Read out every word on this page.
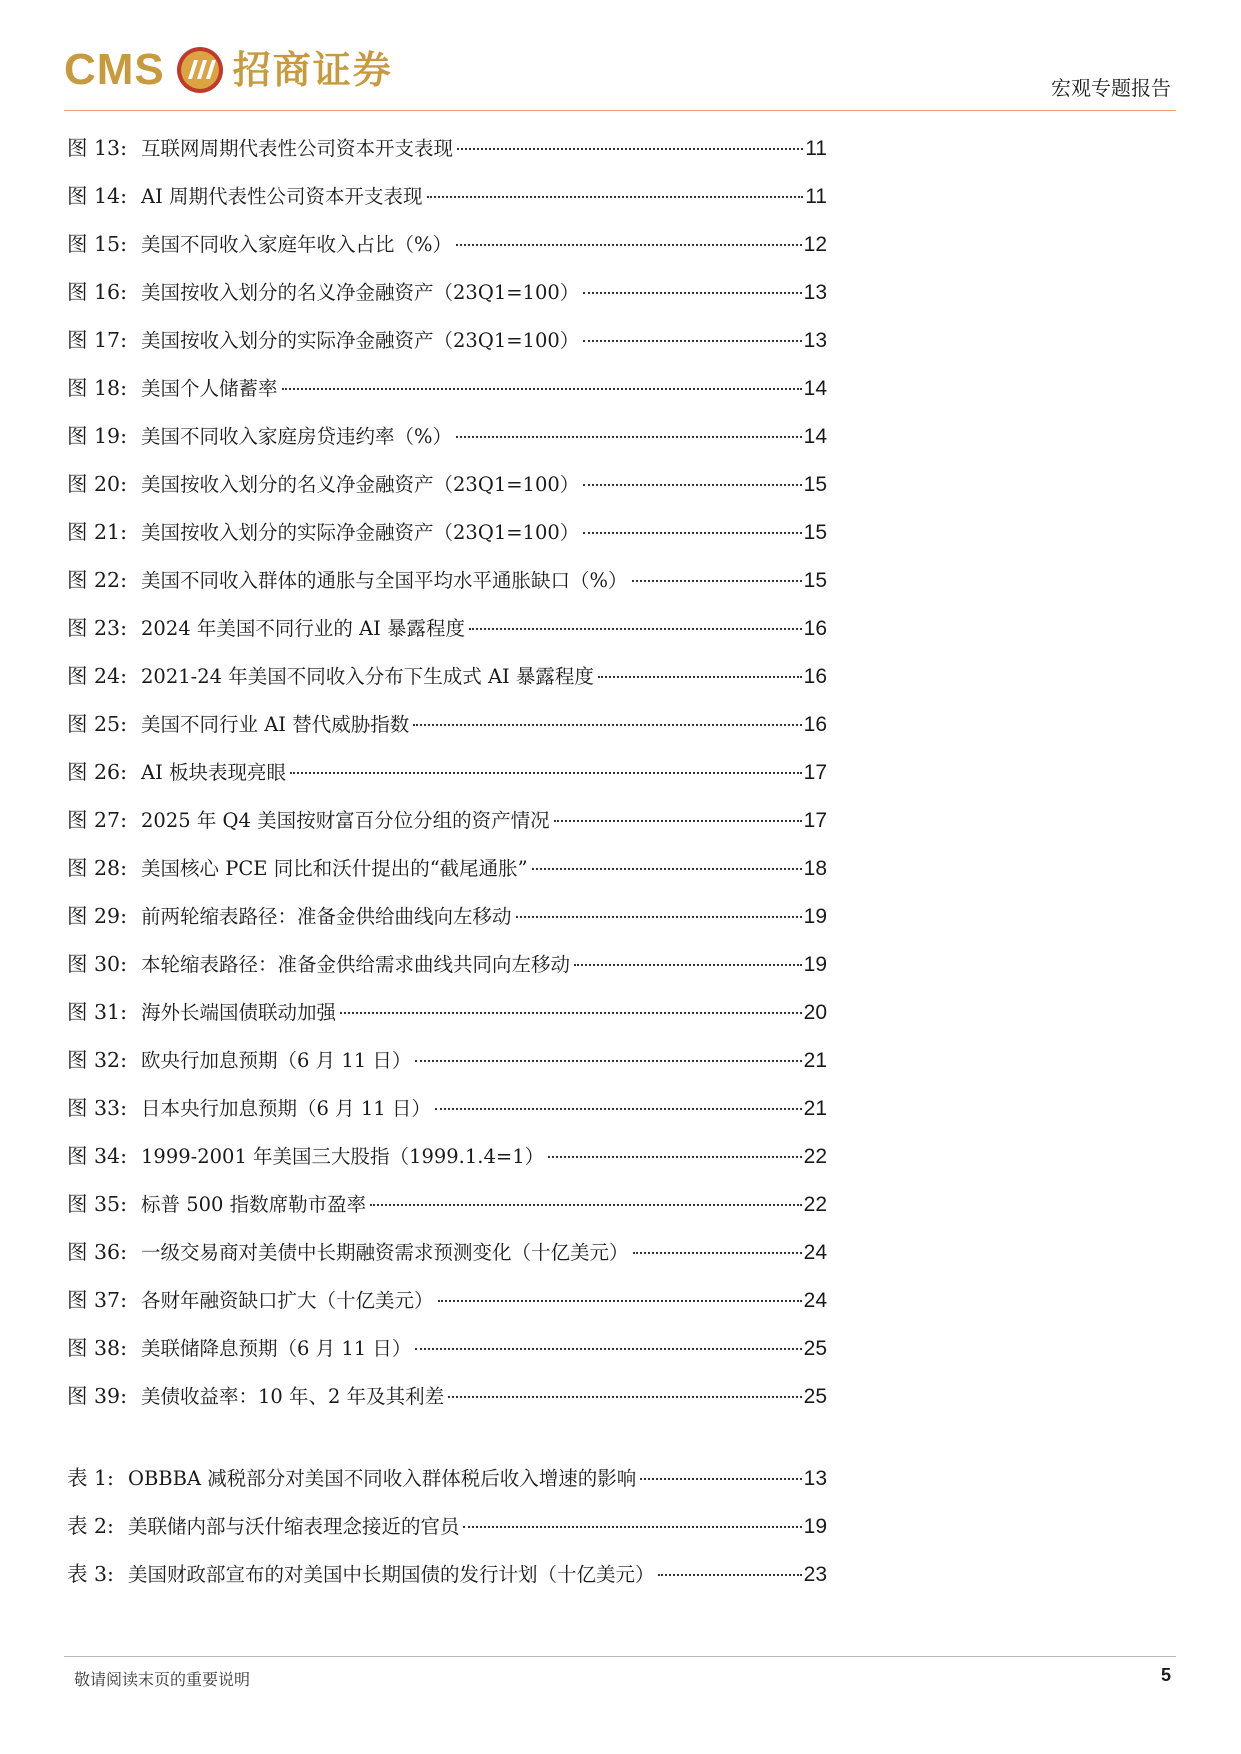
CMS 招商证券	宏观专题报告
图 13: 互联网周期代表性公司资本开支表现	11
图 14: AI 周期代表性公司资本开支表现	11
图 15: 美国不同收入家庭年收入占比（%）	12
图 16: 美国按收入划分的名义净金融资产（23Q1=100）	13
图 17: 美国按收入划分的实际净金融资产（23Q1=100）	13
图 18: 美国个人储蓄率	14
图 19: 美国不同收入家庭房贷违约率（%）	14
图 20: 美国按收入划分的名义净金融资产（23Q1=100）	15
图 21: 美国按收入划分的实际净金融资产（23Q1=100）	15
图 22: 美国不同收入群体的通胀与全国平均水平通胀缺口（%）	15
图 23: 2024 年美国不同行业的 AI 暴露程度	16
图 24: 2021-24 年美国不同收入分布下生成式 AI 暴露程度	16
图 25: 美国不同行业 AI 替代威胁指数	16
图 26: AI 板块表现亮眼	17
图 27: 2025 年 Q4 美国按财富百分位分组的资产情况	17
图 28: 美国核心 PCE 同比和沃什提出的“截尾通胀”	18
图 29: 前两轮缩表路径：准备金供给曲线向左移动	19
图 30: 本轮缩表路径：准备金供给需求曲线共同向左移动	19
图 31: 海外长端国债联动加强	20
图 32: 欧央行加息预期（6 月 11 日）	21
图 33: 日本央行加息预期（6 月 11 日）	21
图 34: 1999-2001 年美国三大股指（1999.1.4=1）	22
图 35: 标普 500 指数席勒市盈率	22
图 36: 一级交易商对美债中长期融资需求预测变化（十亿美元）	24
图 37: 各财年融资缺口扩大（十亿美元）	24
图 38: 美联储降息预期（6 月 11 日）	25
图 39: 美债收益率：10 年、2 年及其利差	25
表 1: OBBBA 减税部分对美国不同收入群体税后收入增速的影响	13
表 2: 美联储内部与沃什缩表理念接近的官员	19
表 3: 美国财政部宣布的对美国中长期国债的发行计划（十亿美元）	23
敬请阅读末页的重要说明	5
